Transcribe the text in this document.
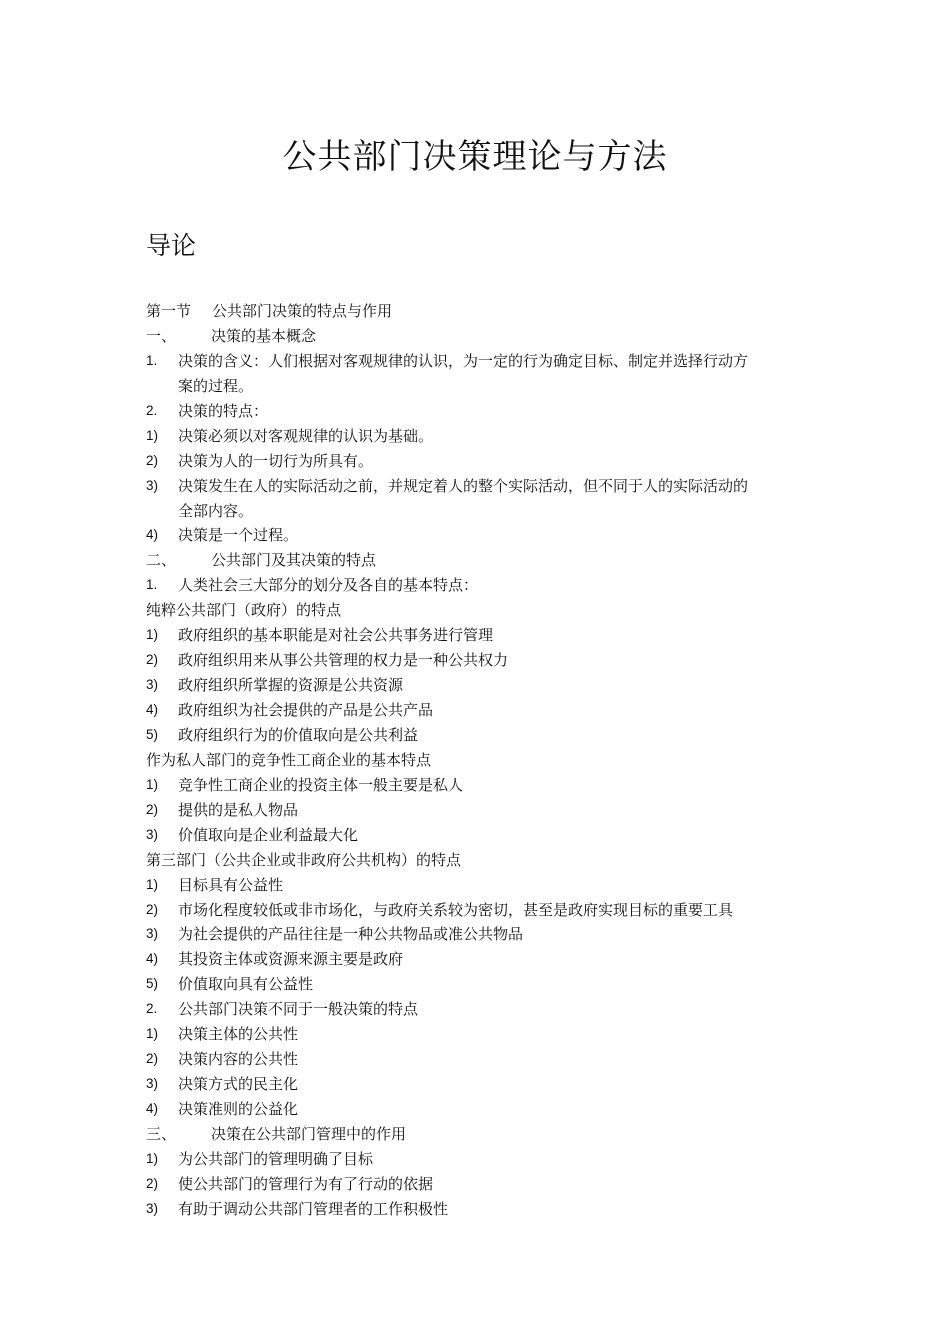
公共部门决策理论与方法
导论
第一节 公共部门决策的特点与作用
一、 决策的基本概念
1. 决策的含义：人们根据对客观规律的认识，为一定的行为确定目标、制定并选择行动方
案的过程。
2. 决策的特点：
1) 决策必须以对客观规律的认识为基础。
2) 决策为人的一切行为所具有。
3) 决策发生在人的实际活动之前，并规定着人的整个实际活动，但不同于人的实际活动的
全部内容。
4) 决策是一个过程。
二、 公共部门及其决策的特点
1. 人类社会三大部分的划分及各自的基本特点：
纯粹公共部门（政府）的特点
1) 政府组织的基本职能是对社会公共事务进行管理
2) 政府组织用来从事公共管理的权力是一种公共权力
3) 政府组织所掌握的资源是公共资源
4) 政府组织为社会提供的产品是公共产品
5) 政府组织行为的价值取向是公共利益
作为私人部门的竞争性工商企业的基本特点
1) 竞争性工商企业的投资主体一般主要是私人
2) 提供的是私人物品
3) 价值取向是企业利益最大化
第三部门（公共企业或非政府公共机构）的特点
1) 目标具有公益性
2) 市场化程度较低或非市场化，与政府关系较为密切，甚至是政府实现目标的重要工具
3) 为社会提供的产品往往是一种公共物品或准公共物品
4) 其投资主体或资源来源主要是政府
5) 价值取向具有公益性
2. 公共部门决策不同于一般决策的特点
1) 决策主体的公共性
2) 决策内容的公共性
3) 决策方式的民主化
4) 决策准则的公益化
三、 决策在公共部门管理中的作用
1) 为公共部门的管理明确了目标
2) 使公共部门的管理行为有了行动的依据
3) 有助于调动公共部门管理者的工作积极性
